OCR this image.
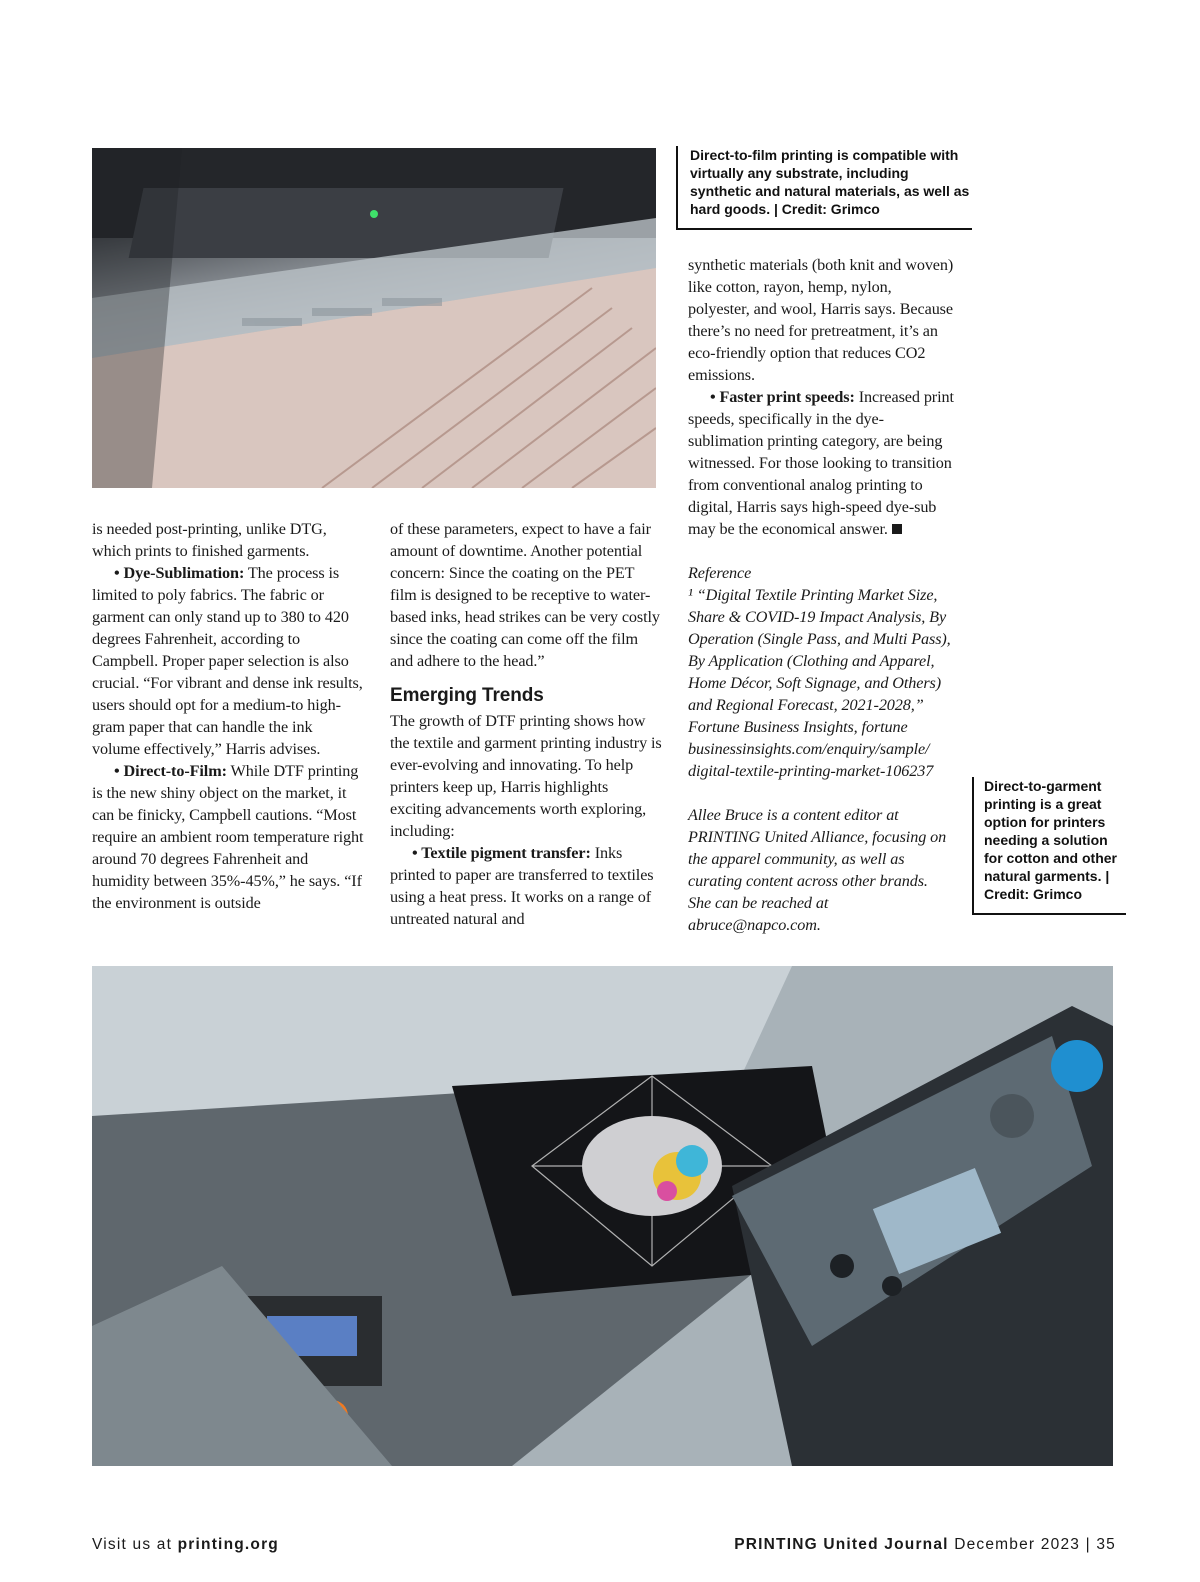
Direct-to-film printing is compatible with virtually any substrate, including synthetic and natural materials, as well as hard goods. | Credit: Grimco

is needed post-printing, unlike DTG, which prints to finished garments.

• Dye-Sublimation: The process is limited to poly fabrics. The fabric or garment can only stand up to 380 to 420 degrees Fahrenheit, according to Campbell. Proper paper selection is also crucial. “For vibrant and dense ink results, users should opt for a medium-to high-gram paper that can handle the ink volume effectively,” Harris advises.

• Direct-to-Film: While DTF printing is the new shiny object on the market, it can be finicky, Campbell cautions. “Most require an ambient room temperature right around 70 degrees Fahrenheit and humidity between 35%-45%,” he says. “If the environment is outside

of these parameters, expect to have a fair amount of downtime. Another potential concern: Since the coating on the PET film is designed to be receptive to water-based inks, head strikes can be very costly since the coating can come off the film and adhere to the head.”

Emerging Trends

The growth of DTF printing shows how the textile and garment printing industry is ever-evolving and innovating. To help printers keep up, Harris highlights exciting advancements worth exploring, including:

• Textile pigment transfer: Inks printed to paper are transferred to textiles using a heat press. It works on a range of untreated natural and

synthetic materials (both knit and woven) like cotton, rayon, hemp, nylon, polyester, and wool, Harris says. Because there’s no need for pretreatment, it’s an eco-friendly option that reduces CO2 emissions.

• Faster print speeds: Increased print speeds, specifically in the dye-sublimation printing category, are being witnessed. For those looking to transition from conventional analog printing to digital, Harris says high-speed dye-sub may be the economical answer.

Reference

¹ “Digital Textile Printing Market Size, Share & COVID-19 Impact Analysis, By Operation (Single Pass, and Multi Pass), By Application (Clothing and Apparel, Home Décor, Soft Signage, and Others) and Regional Forecast, 2021-2028,” Fortune Business Insights, fortune businessinsights.com/enquiry/sample/ digital-textile-printing-market-106237

Allee Bruce is a content editor at PRINTING United Alliance, focusing on the apparel community, as well as curating content across other brands. She can be reached at abruce@napco.com.

Direct-to-garment printing is a great option for printers needing a solution for cotton and other natural garments. | Credit: Grimco
Visit us at printing.org	PRINTING United Journal December 2023 | 35
